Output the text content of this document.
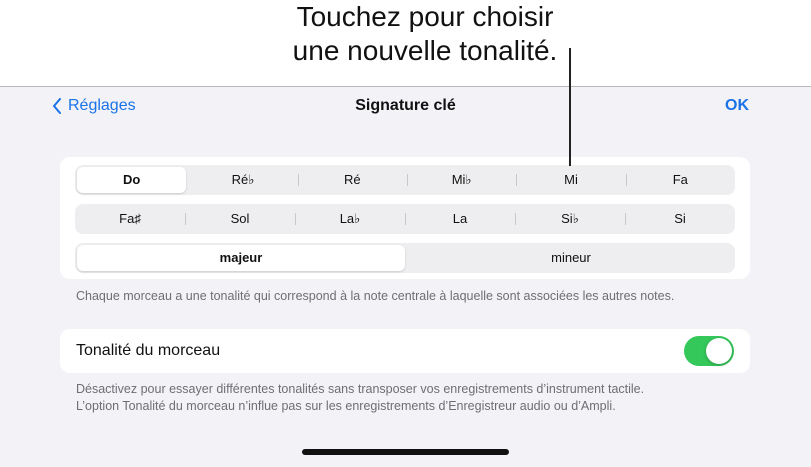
Touchez pour choisir
une nouvelle tonalité.
Réglages	Signature clé	OK
Do	Ré♭	Ré	Mi♭	Mi	Fa
Fa♯	Sol	La♭	La	Si♭	Si
majeur	mineur
Chaque morceau a une tonalité qui correspond à la note centrale à laquelle sont associées les autres notes.
Tonalité du morceau
Désactivez pour essayer différentes tonalités sans transposer vos enregistrements d’instrument tactile.
L’option Tonalité du morceau n’influe pas sur les enregistrements d’Enregistreur audio ou d’Ampli.
